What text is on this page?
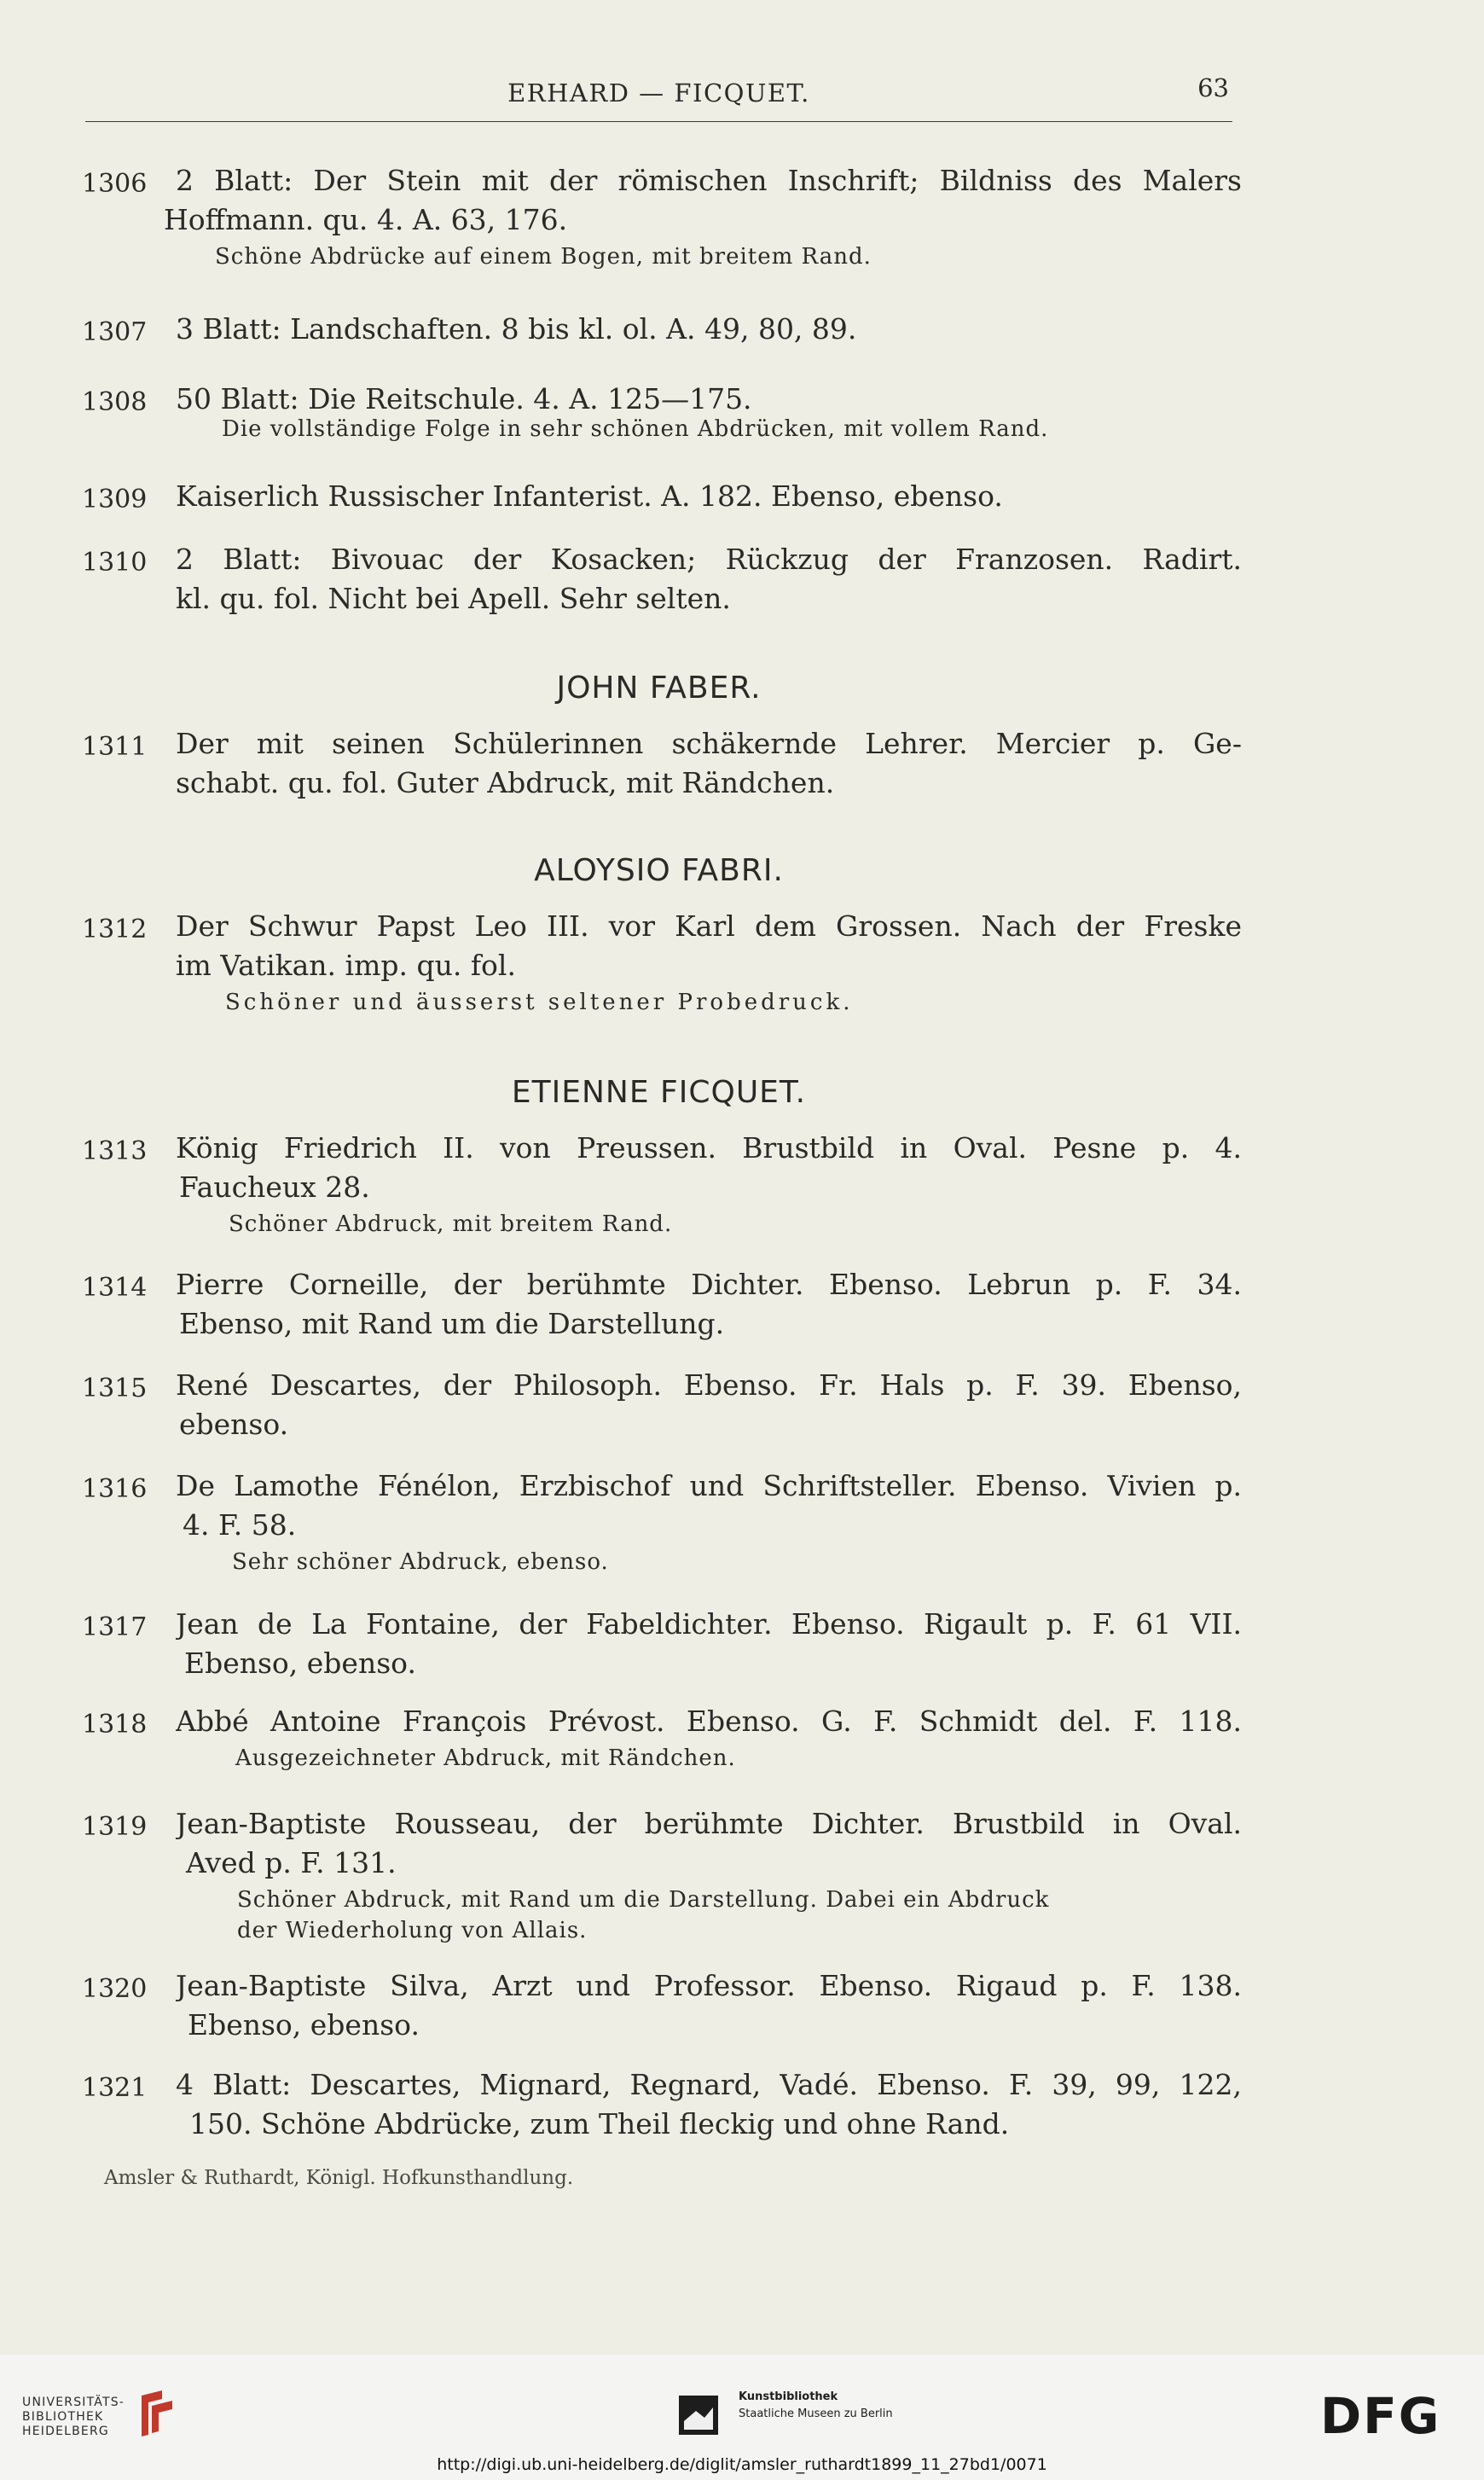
ERHARD — FICQUET.	63
1306	2 Blatt: Der Stein mit der römischen Inschrift; Bildniss des Malers
Hoffmann. qu. 4. A. 63, 176.
Schöne Abdrücke auf einem Bogen, mit breitem Rand.
1307	3 Blatt: Landschaften. 8 bis kl. ol. A. 49, 80, 89.
1308	50 Blatt: Die Reitschule. 4. A. 125—175.
Die vollständige Folge in sehr schönen Abdrücken, mit vollem Rand.
1309	Kaiserlich Russischer Infanterist. A. 182. Ebenso, ebenso.
1310	2 Blatt: Bivouac der Kosacken; Rückzug der Franzosen. Radirt.
kl. qu. fol. Nicht bei Apell. Sehr selten.
JOHN FABER.
1311	Der mit seinen Schülerinnen schäkernde Lehrer. Mercier p. Ge-
schabt. qu. fol. Guter Abdruck, mit Rändchen.
ALOYSIO FABRI.
1312	Der Schwur Papst Leo III. vor Karl dem Grossen. Nach der Freske
im Vatikan. imp. qu. fol.
Schöner und äusserst seltener Probedruck.
ETIENNE FICQUET.
1313	König Friedrich II. von Preussen. Brustbild in Oval. Pesne p. 4.
Faucheux 28.
Schöner Abdruck, mit breitem Rand.
1314	Pierre Corneille, der berühmte Dichter. Ebenso. Lebrun p. F. 34.
Ebenso, mit Rand um die Darstellung.
1315	René Descartes, der Philosoph. Ebenso. Fr. Hals p. F. 39. Ebenso,
ebenso.
1316	De Lamothe Fénélon, Erzbischof und Schriftsteller. Ebenso. Vivien p.
4. F. 58.
Sehr schöner Abdruck, ebenso.
1317	Jean de La Fontaine, der Fabeldichter. Ebenso. Rigault p. F. 61 VII.
Ebenso, ebenso.
1318	Abbé Antoine François Prévost. Ebenso. G. F. Schmidt del. F. 118.
Ausgezeichneter Abdruck, mit Rändchen.
1319	Jean-Baptiste Rousseau, der berühmte Dichter. Brustbild in Oval.
Aved p. F. 131.
Schöner Abdruck, mit Rand um die Darstellung. Dabei ein Abdruck
der Wiederholung von Allais.
1320	Jean-Baptiste Silva, Arzt und Professor. Ebenso. Rigaud p. F. 138.
Ebenso, ebenso.
1321	4 Blatt: Descartes, Mignard, Regnard, Vadé. Ebenso. F. 39, 99, 122,
150. Schöne Abdrücke, zum Theil fleckig und ohne Rand.
Amsler & Ruthardt, Königl. Hofkunsthandlung.
UNIVERSITÄTS-
BIBLIOTHEK
HEIDELBERG
Kunstbibliothek
Staatliche Museen zu Berlin	DFG
http://digi.ub.uni-heidelberg.de/diglit/amsler_ruthardt1899_11_27bd1/0071
